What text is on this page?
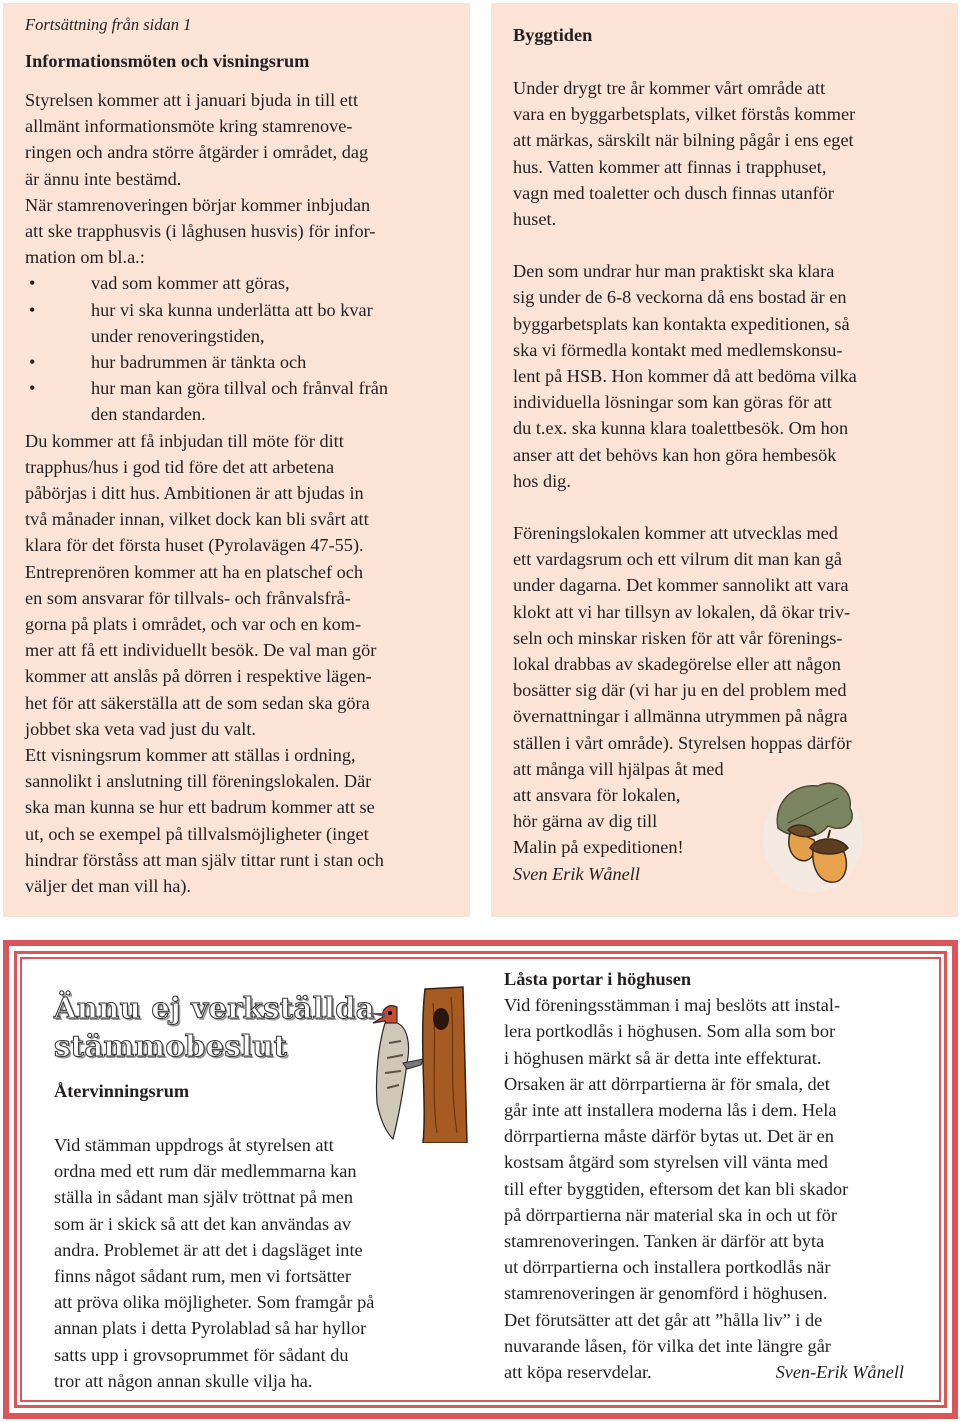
Fortsättning från sidan 1

Informationsmöten och visningsrum

Styrelsen kommer att i januari bjuda in till ett

allmänt informationsmöte kring stamrenove-

ringen och andra större åtgärder i området, dag

är ännu inte bestämd.

När stamrenoveringen börjar kommer inbjudan

att ske trapphusvis (i låghusen husvis) för infor-

mation om bl.a.:

•	vad som kommer att göras,
•	hur vi ska kunna underlätta att bo kvar
under renoveringstiden,
•	hur badrummen är tänkta och
•	hur man kan göra tillval och frånval från
den standarden.

Du kommer att få inbjudan till möte för ditt

trapphus/hus i god tid före det att arbetena

påbörjas i ditt hus. Ambitionen är att bjudas in

två månader innan, vilket dock kan bli svårt att

klara för det första huset (Pyrolavägen 47-55).

Entreprenören kommer att ha en platschef och

en som ansvarar för tillvals- och frånvalsfrå-

gorna på plats i området, och var och en kom-

mer att få ett individuellt besök. De val man gör

kommer att anslås på dörren i respektive lägen-

het för att säkerställa att de som sedan ska göra

jobbet ska veta vad just du valt.

Ett visningsrum kommer att ställas i ordning,

sannolikt i anslutning till föreningslokalen. Där

ska man kunna se hur ett badrum kommer att se

ut, och se exempel på tillvalsmöjligheter (inget

hindrar förståss att man själv tittar runt i stan och

väljer det man vill ha).

Byggtiden

Under drygt tre år kommer vårt område att

vara en byggarbetsplats, vilket förstås kommer

att märkas, särskilt när bilning pågår i ens eget

hus. Vatten kommer att finnas i trapphuset,

vagn med toaletter och dusch finnas utanför

huset.

Den som undrar hur man praktiskt ska klara

sig under de 6-8 veckorna då ens bostad är en

byggarbetsplats kan kontakta expeditionen, så

ska vi förmedla kontakt med medlemskonsu-

lent på HSB. Hon kommer då att bedöma vilka

individuella lösningar som kan göras för att

du t.ex. ska kunna klara toalettbesök. Om hon

anser att det behövs kan hon göra hembesök

hos dig.

Föreningslokalen kommer att utvecklas med

ett vardagsrum och ett vilrum dit man kan gå

under dagarna. Det kommer sannolikt att vara

klokt att vi har tillsyn av lokalen, då ökar triv-

seln och minskar risken för att vår förenings-

lokal drabbas av skadegörelse eller att någon

bosätter sig där (vi har ju en del problem med

övernattningar i allmänna utrymmen på några

ställen i vårt område). Styrelsen hoppas därför

att många vill hjälpas åt med

att ansvara för lokalen,

hör gärna av dig till

Malin på expeditionen!

Sven Erik Wånell

Ännu ej verkställda
stämmobeslut

Återvinningsrum

Vid stämman uppdrogs åt styrelsen att

ordna med ett rum där medlemmarna kan

ställa in sådant man själv tröttnat på men

som är i skick så att det kan användas av

andra. Problemet är att det i dagsläget inte

finns något sådant rum, men vi fortsätter

att pröva olika möjligheter. Som framgår på

annan plats i detta Pyrolablad så har hyllor

satts upp i grovsoprummet för sådant du

tror att någon annan skulle vilja ha.

Låsta portar i höghusen

Vid föreningsstämman i maj beslöts att instal-

lera portkodlås i höghusen. Som alla som bor

i höghusen märkt så är detta inte effekturat.

Orsaken är att dörrpartierna är för smala, det

går inte att installera moderna lås i dem. Hela

dörrpartierna måste därför bytas ut. Det är en

kostsam åtgärd som styrelsen vill vänta med

till efter byggtiden, eftersom det kan bli skador

på dörrpartierna när material ska in och ut för

stamrenoveringen. Tanken är därför att byta

ut dörrpartierna och installera portkodlås när

stamrenoveringen är genomförd i höghusen.

Det förutsätter att det går att ”hålla liv” i de

nuvarande låsen, för vilka det inte längre går

att köpa reservdelar.	Sven-Erik Wånell
